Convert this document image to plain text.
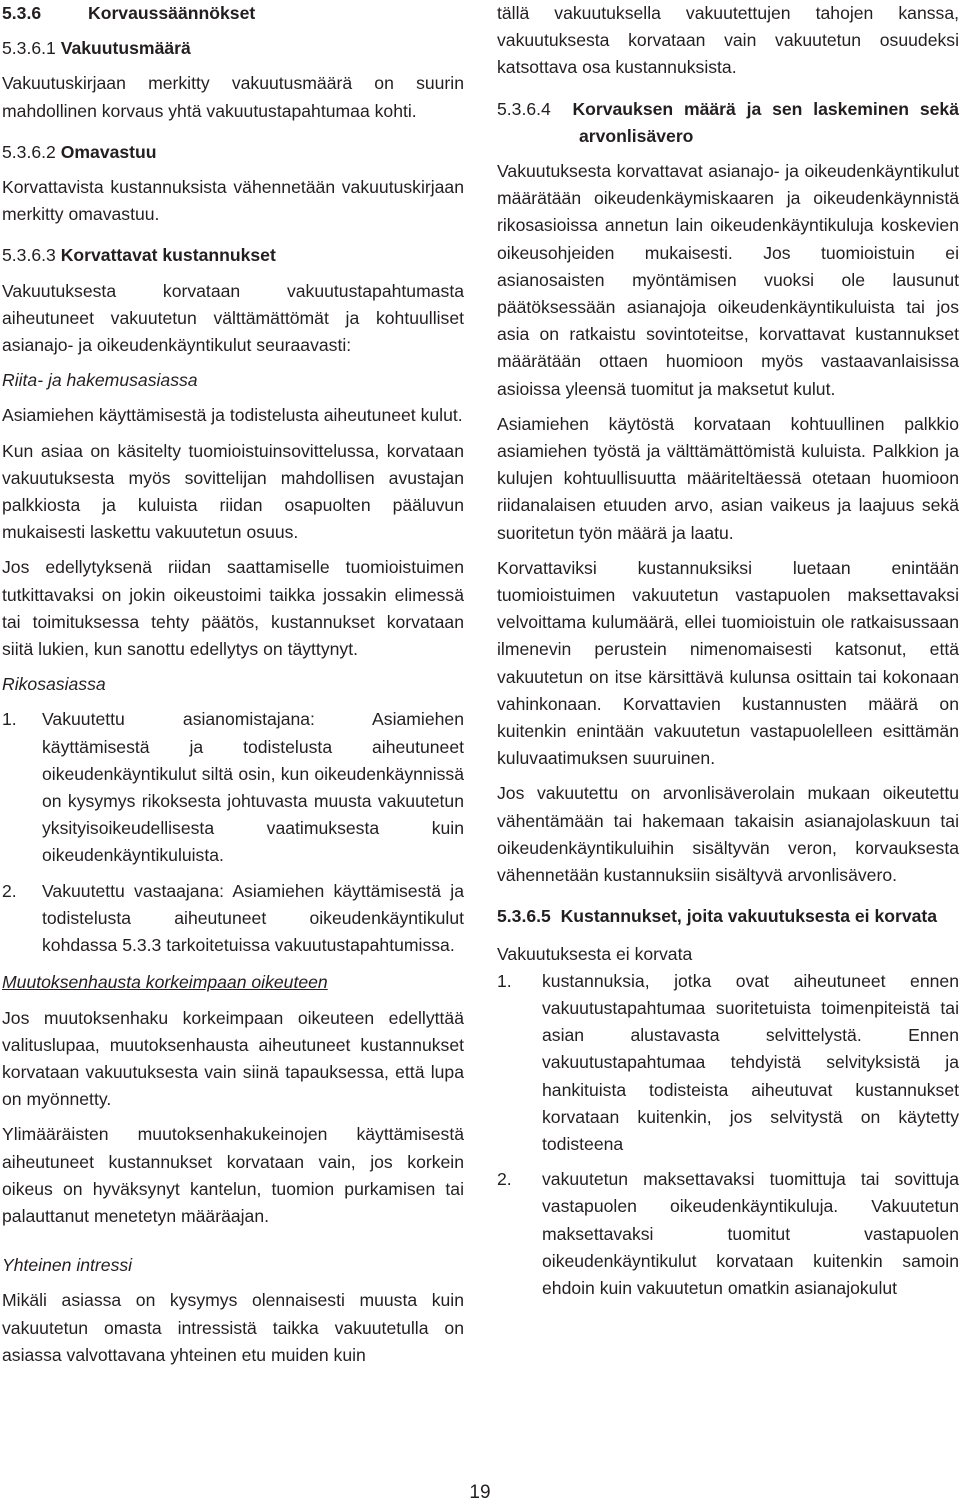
5.3.6	Korvaussäännökset

5.3.6.1 Vakuutusmäärä

Vakuutuskirjaan merkitty vakuutusmäärä on suurin mahdollinen korvaus yhtä vakuutustapahtumaa kohti.

5.3.6.2 Omavastuu

Korvattavista kustannuksista vähennetään vakuutuskirjaan merkitty omavastuu.

5.3.6.3 Korvattavat kustannukset

Vakuutuksesta korvataan vakuutustapahtumasta aiheutuneet vakuutetun välttämättömät ja kohtuulliset asianajo- ja oikeudenkäyntikulut seuraavasti:

Riita- ja hakemusasiassa

Asiamiehen käyttämisestä ja todistelusta aiheutuneet kulut.

Kun asiaa on käsitelty tuomioistuinsovittelussa, korvataan vakuutuksesta myös sovittelijan mahdollisen avustajan palkkiosta ja kuluista riidan osapuolten pääluvun mukaisesti laskettu vakuutetun osuus.

Jos edellytyksenä riidan saattamiselle tuomioistuimen tutkittavaksi on jokin oikeustoimi taikka jossakin elimessä tai toimituksessa tehty päätös, kustannukset korvataan siitä lukien, kun sanottu edellytys on täyttynyt.

Rikosasiassa

1.	Vakuutettu asianomistajana: Asiamiehen käyttämisestä ja todistelusta aiheutuneet oikeudenkäyntikulut siltä osin, kun oikeudenkäynnissä on kysymys rikoksesta johtuvasta muusta vakuutetun yksityisoikeudellisesta vaatimuksesta kuin oikeudenkäyntikuluista.
2.	Vakuutettu vastaajana: Asiamiehen käyttämisestä ja todistelusta aiheutuneet oikeudenkäyntikulut kohdassa 5.3.3 tarkoitetuissa vakuutustapahtumissa.

Muutoksenhausta korkeimpaan oikeuteen

Jos muutoksenhaku korkeimpaan oikeuteen edellyttää valituslupaa, muutoksenhausta aiheutuneet kustannukset korvataan vakuutuksesta vain siinä tapauksessa, että lupa on myönnetty.

Ylimääräisten muutoksenhakukeinojen käyttämisestä aiheutuneet kustannukset korvataan vain, jos korkein oikeus on hyväksynyt kantelun, tuomion purkamisen tai palauttanut menetetyn määräajan.

Yhteinen intressi

Mikäli asiassa on kysymys olennaisesti muusta kuin vakuutetun omasta intressistä taikka vakuutetulla on asiassa valvottavana yhteinen etu muiden kuin

tällä vakuutuksella vakuutettujen tahojen kanssa, vakuutuksesta korvataan vain vakuutetun osuudeksi katsottava osa kustannuksista.

5.3.6.4 Korvauksen määrä ja sen laskeminen sekä arvonlisävero

Vakuutuksesta korvattavat asianajo- ja oikeudenkäyntikulut määrätään oikeudenkäymiskaaren ja oikeudenkäynnistä rikosasioissa annetun lain oikeudenkäyntikuluja koskevien oikeusohjeiden mukaisesti. Jos tuomioistuin ei asianosaisten myöntämisen vuoksi ole lausunut päätöksessään asianajoja oikeudenkäyntikuluista tai jos asia on ratkaistu sovintoteitse, korvattavat kustannukset määrätään ottaen huomioon myös vastaavanlaisissa asioissa yleensä tuomitut ja maksetut kulut.

Asiamiehen käytöstä korvataan kohtuullinen palkkio asiamiehen työstä ja välttämättömistä kuluista. Palkkion ja kulujen kohtuullisuutta määriteltäessä otetaan huomioon riidanalaisen etuuden arvo, asian vaikeus ja laajuus sekä suoritetun työn määrä ja laatu.

Korvattaviksi kustannuksiksi luetaan enintään tuomioistuimen vakuutetun vastapuolen maksettavaksi velvoittama kulumäärä, ellei tuomioistuin ole ratkaisussaan ilmenevin perustein nimenomaisesti katsonut, että vakuutetun on itse kärsittävä kulunsa osittain tai kokonaan vahinkonaan. Korvattavien kustannusten määrä on kuitenkin enintään vakuutetun vastapuolelleen esittämän kuluvaatimuksen suuruinen.

Jos vakuutettu on arvonlisäverolain mukaan oikeutettu vähentämään tai hakemaan takaisin asianajolaskuun tai oikeudenkäyntikuluihin sisältyvän veron, korvauksesta vähennetään kustannuksiin sisältyvä arvonlisävero.

5.3.6.5 Kustannukset, joita vakuutuksesta ei korvata

Vakuutuksesta ei korvata

1.	kustannuksia, jotka ovat aiheutuneet ennen vakuutustapahtumaa suoritetuista toimenpiteistä tai asian alustavasta selvittelystä. Ennen vakuutustapahtumaa tehdyistä selvityksistä ja hankituista todisteista aiheutuvat kustannukset korvataan kuitenkin, jos selvitystä on käytetty todisteena
2.	vakuutetun maksettavaksi tuomittuja tai sovittuja vastapuolen oikeudenkäyntikuluja. Vakuutetun maksettavaksi tuomitut vastapuolen oikeudenkäyntikulut korvataan kuitenkin samoin ehdoin kuin vakuutetun omatkin asianajokulut
19
